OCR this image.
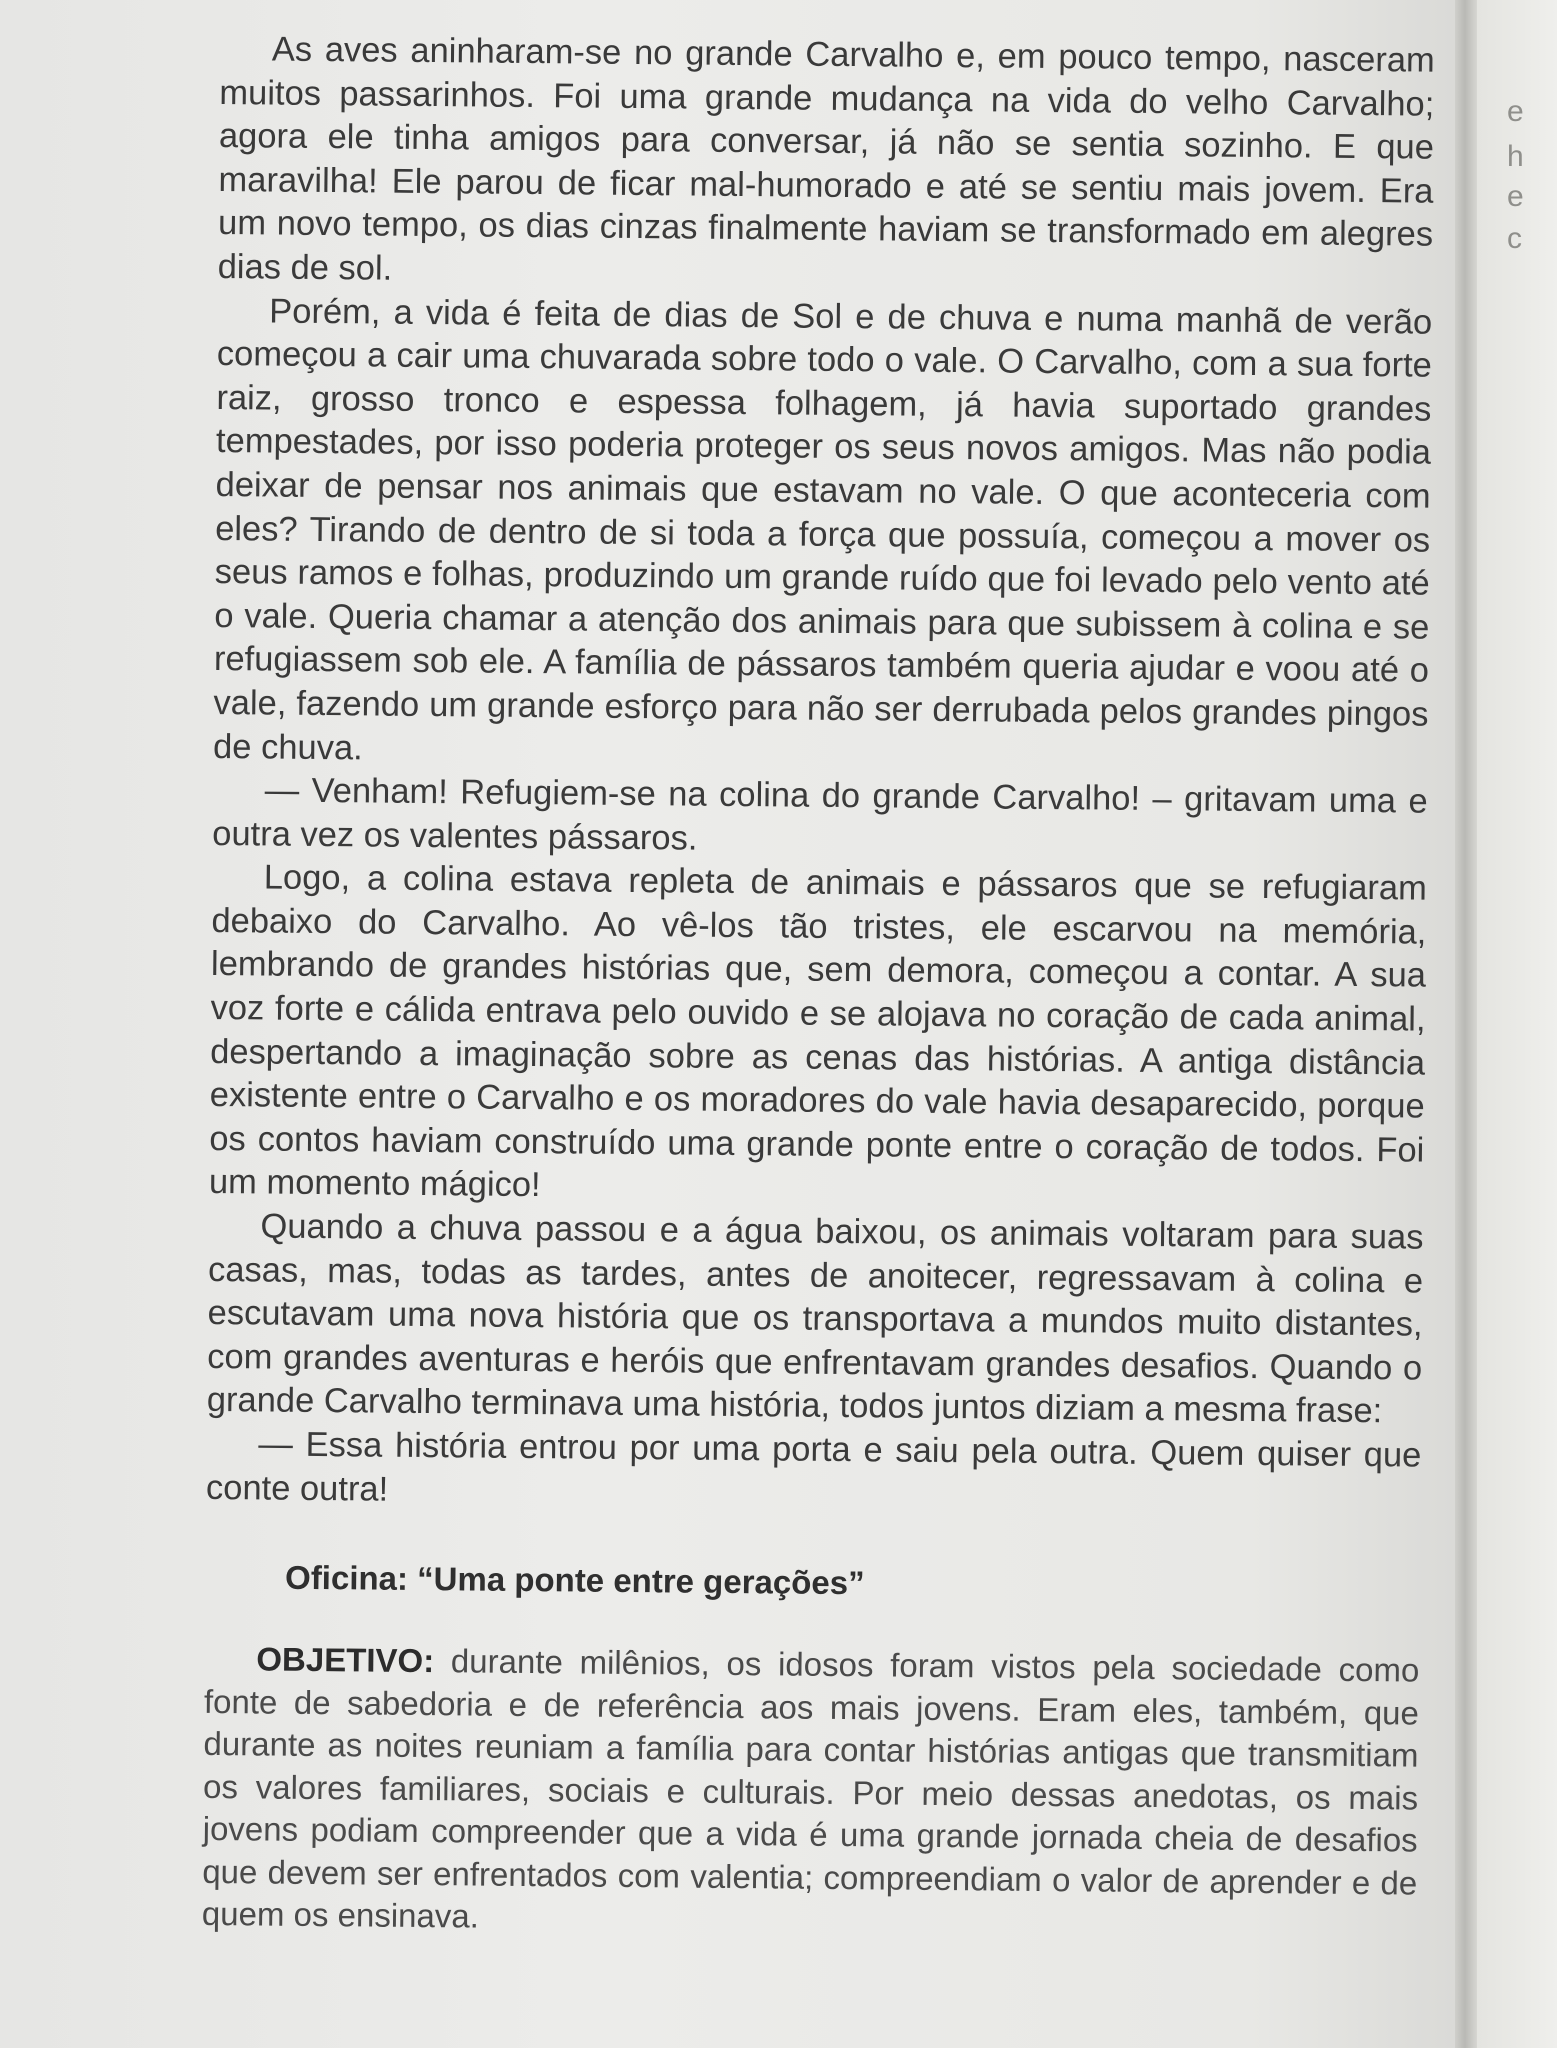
As aves aninharam-se no grande Carvalho e, em pouco tempo, nasceram muitos passarinhos. Foi uma grande mudança na vida do velho Carvalho; agora ele tinha amigos para conversar, já não se sentia sozinho. E que maravilha! Ele parou de ficar mal-humorado e até se sentiu mais jovem. Era um novo tempo, os dias cinzas finalmente haviam se transformado em alegres dias de sol.

Porém, a vida é feita de dias de Sol e de chuva e numa manhã de verão começou a cair uma chuvarada sobre todo o vale. O Carvalho, com a sua forte raiz, grosso tronco e espessa folhagem, já havia suportado grandes tempestades, por isso poderia proteger os seus novos amigos. Mas não podia deixar de pensar nos animais que estavam no vale. O que aconteceria com eles? Tirando de dentro de si toda a força que possuía, começou a mover os seus ramos e folhas, produzindo um grande ruído que foi levado pelo vento até o vale. Queria chamar a atenção dos animais para que subissem à colina e se refugiassem sob ele. A família de pássaros também queria ajudar e voou até o vale, fazendo um grande esforço para não ser derrubada pelos grandes pingos de chuva.

— Venham! Refugiem-se na colina do grande Carvalho! – gritavam uma e outra vez os valentes pássaros.

Logo, a colina estava repleta de animais e pássaros que se refugiaram debaixo do Carvalho. Ao vê-los tão tristes, ele escarvou na memória, lembrando de grandes histórias que, sem demora, começou a contar. A sua voz forte e cálida entrava pelo ouvido e se alojava no coração de cada animal, despertando a imaginação sobre as cenas das histórias. A antiga distância existente entre o Carvalho e os moradores do vale havia desaparecido, porque os contos haviam construído uma grande ponte entre o coração de todos. Foi um momento mágico!

Quando a chuva passou e a água baixou, os animais voltaram para suas casas, mas, todas as tardes, antes de anoitecer, regressavam à colina e escutavam uma nova história que os transportava a mundos muito distantes, com grandes aventuras e heróis que enfrentavam grandes desafios. Quando o grande Carvalho terminava uma história, todos juntos diziam a mesma frase:

— Essa história entrou por uma porta e saiu pela outra. Quem quiser que conte outra!

Oficina: “Uma ponte entre gerações”

OBJETIVO: durante milênios, os idosos foram vistos pela sociedade como fonte de sabedoria e de referência aos mais jovens. Eram eles, também, que durante as noites reuniam a família para contar histórias antigas que transmitiam os valores familiares, sociais e culturais. Por meio dessas anedotas, os mais jovens podiam compreender que a vida é uma grande jornada cheia de desafios que devem ser enfrentados com valentia; compreendiam o valor de aprender e de quem os ensinava.

e
h
e
c
